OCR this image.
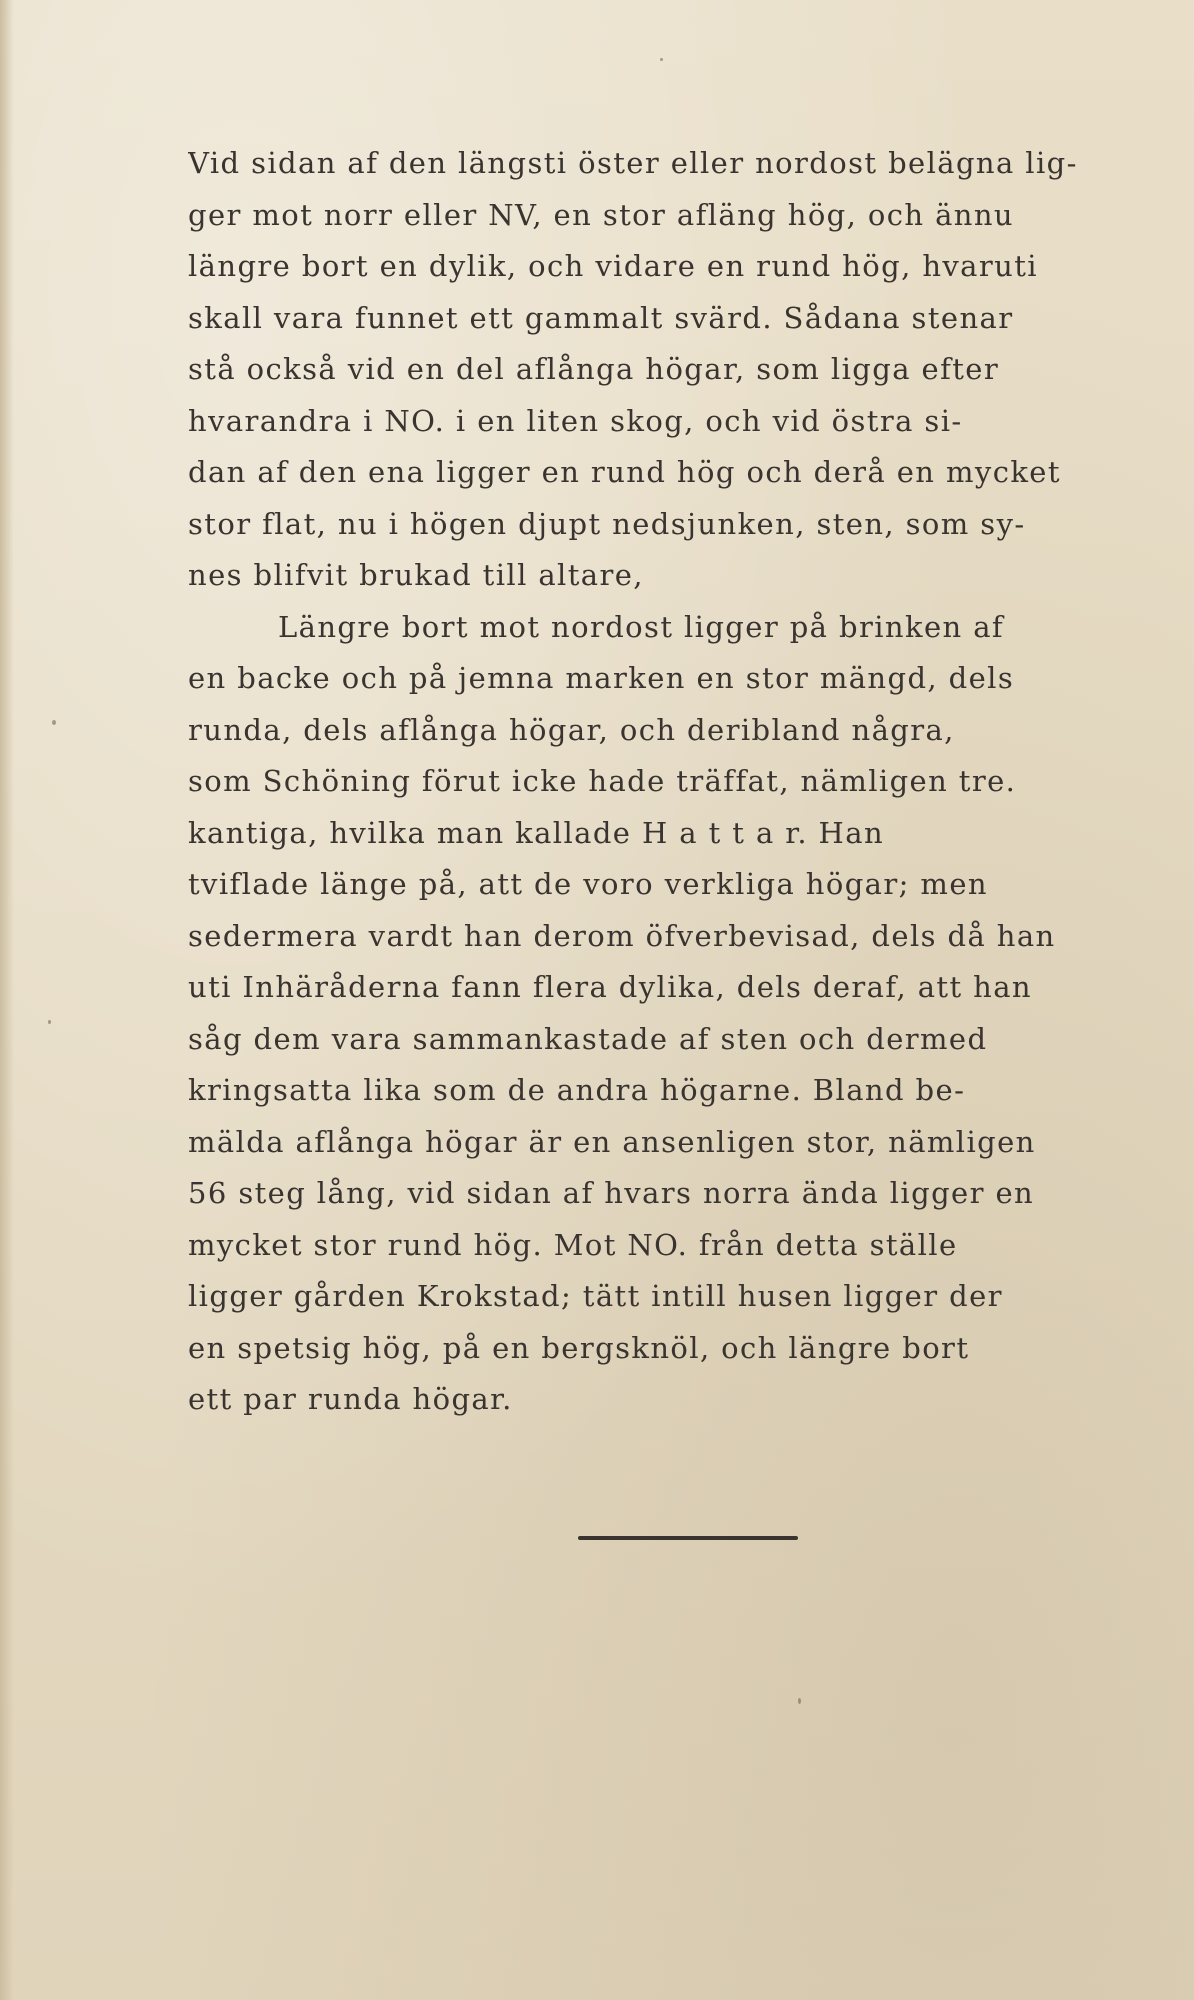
Vid sidan af den längsti öster eller nordost belägna lig-
ger mot norr eller NV, en stor afläng hög, och ännu
längre bort en dylik, och vidare en rund hög, hvaruti
skall vara funnet ett gammalt svärd. Sådana stenar
stå också vid en del aflånga högar, som ligga efter
hvarandra i NO. i en liten skog, och vid östra si-
dan af den ena ligger en rund hög och derå en mycket
stor flat, nu i högen djupt nedsjunken, sten, som sy-
nes blifvit brukad till altare,
Längre bort mot nordost ligger på brinken af
en backe och på jemna marken en stor mängd, dels
runda, dels aflånga högar, och deribland några,
som Schöning förut icke hade träffat, nämligen tre.
kantiga, hvilka man kallade H a t t a r. Han
tviflade länge på, att de voro verkliga högar; men
sedermera vardt han derom öfverbevisad, dels då han
uti Inhäråderna fann flera dylika, dels deraf, att han
såg dem vara sammankastade af sten och dermed
kringsatta lika som de andra högarne. Bland be-
mälda aflånga högar är en ansenligen stor, nämligen
56 steg lång, vid sidan af hvars norra ända ligger en
mycket stor rund hög. Mot NO. från detta ställe
ligger gården Krokstad; tätt intill husen ligger der
en spetsig hög, på en bergsknöl, och längre bort
ett par runda högar.
